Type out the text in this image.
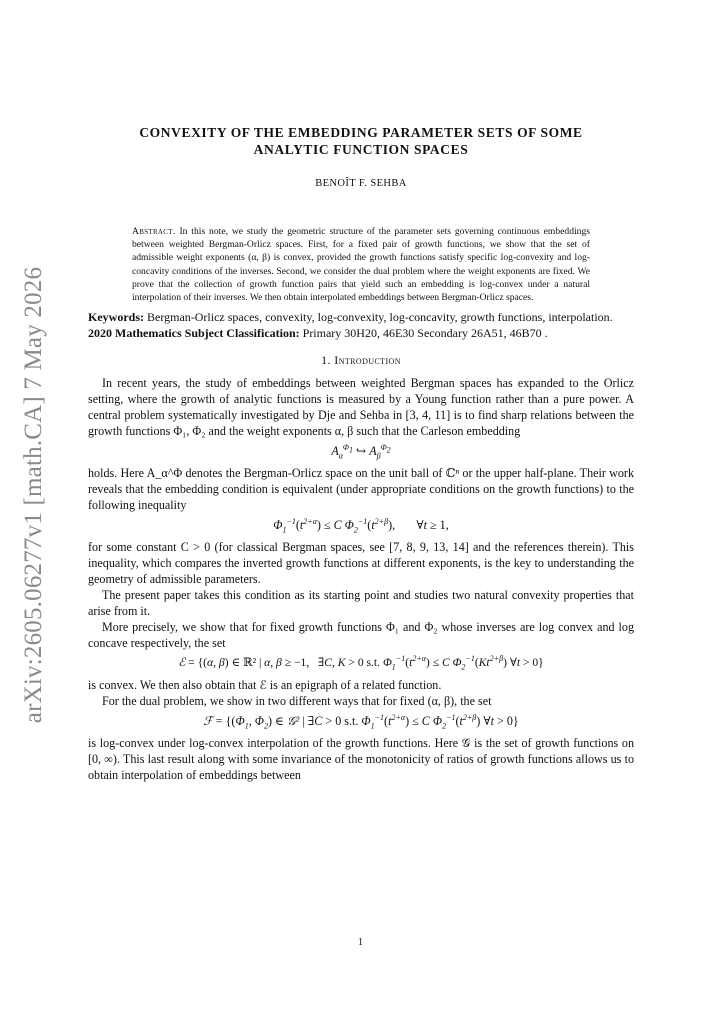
arXiv:2605.06277v1 [math.CA] 7 May 2026
CONVEXITY OF THE EMBEDDING PARAMETER SETS OF SOME
ANALYTIC FUNCTION SPACES
BENOÎT F. SEHBA
Abstract. In this note, we study the geometric structure of the parameter sets governing continuous embeddings between weighted Bergman-Orlicz spaces. First, for a fixed pair of growth functions, we show that the set of admissible weight exponents (α, β) is convex, provided the growth functions satisfy specific log-convexity and log-concavity conditions of the inverses. Second, we consider the dual problem where the weight exponents are fixed. We prove that the collection of growth function pairs that yield such an embedding is log-convex under a natural interpolation of their inverses. We then obtain interpolated embeddings between Bergman-Orlicz spaces.
Keywords: Bergman-Orlicz spaces, convexity, log-convexity, log-concavity, growth functions, interpolation.
2020 Mathematics Subject Classification: Primary 30H20, 46E30 Secondary 26A51, 46B70 .
1. Introduction

In recent years, the study of embeddings between weighted Bergman spaces has expanded to the Orlicz setting, where the growth of analytic functions is measured by a Young function rather than a pure power. A central problem systematically investigated by Dje and Sehba in [3, 4, 11] is to find sharp relations between the growth functions Φ₁, Φ₂ and the weight exponents α, β such that the Carleson embedding

$A_\alpha^{\Phi_1}$ ↪ $A_\beta^{\Phi_2}$

holds. Here A_α^Φ denotes the Bergman-Orlicz space on the unit ball of ℂⁿ or the upper half-plane. Their work reveals that the embedding condition is equivalent (under appropriate conditions on the growth functions) to the following inequality

$\Phi_1^{-1}(t^{2+\alpha}) \le C$ $\Phi_2^{-1}(t^{2+\beta})$,       ∀t ≥ 1,

for some constant C > 0 (for classical Bergman spaces, see [7, 8, 9, 13, 14] and the references therein). This inequality, which compares the inverted growth functions at different exponents, is the key to understanding the geometry of admissible parameters.

The present paper takes this condition as its starting point and studies two natural convexity properties that arise from it.

More precisely, we show that for fixed growth functions Φ₁ and Φ₂ whose inverses are log convex and log concave respectively, the set

ℰ = {(α, β) ∈ ℝ² | α, β ≥ −1,   ∃C, K > 0 s.t. $\Phi_1^{-1}(t^{2+\alpha}) \le C$ $\Phi_2^{-1}(Kt^{2+\beta})$ ∀t > 0}

is convex. We then also obtain that ℰ is an epigraph of a related function.

For the dual problem, we show in two different ways that for fixed (α, β), the set

ℱ = {($\Phi_1$, $\Phi_2$) ∈ 𝒢² | ∃C > 0 s.t. $\Phi_1^{-1}(t^{2+\alpha}) \le C$ $\Phi_2^{-1}(t^{2+\beta})$ ∀t > 0}

is log-convex under log-convex interpolation of the growth functions. Here 𝒢 is the set of growth functions on [0, ∞). This last result along with some invariance of the monotonicity of ratios of growth functions allows us to obtain interpolation of embeddings between

1
